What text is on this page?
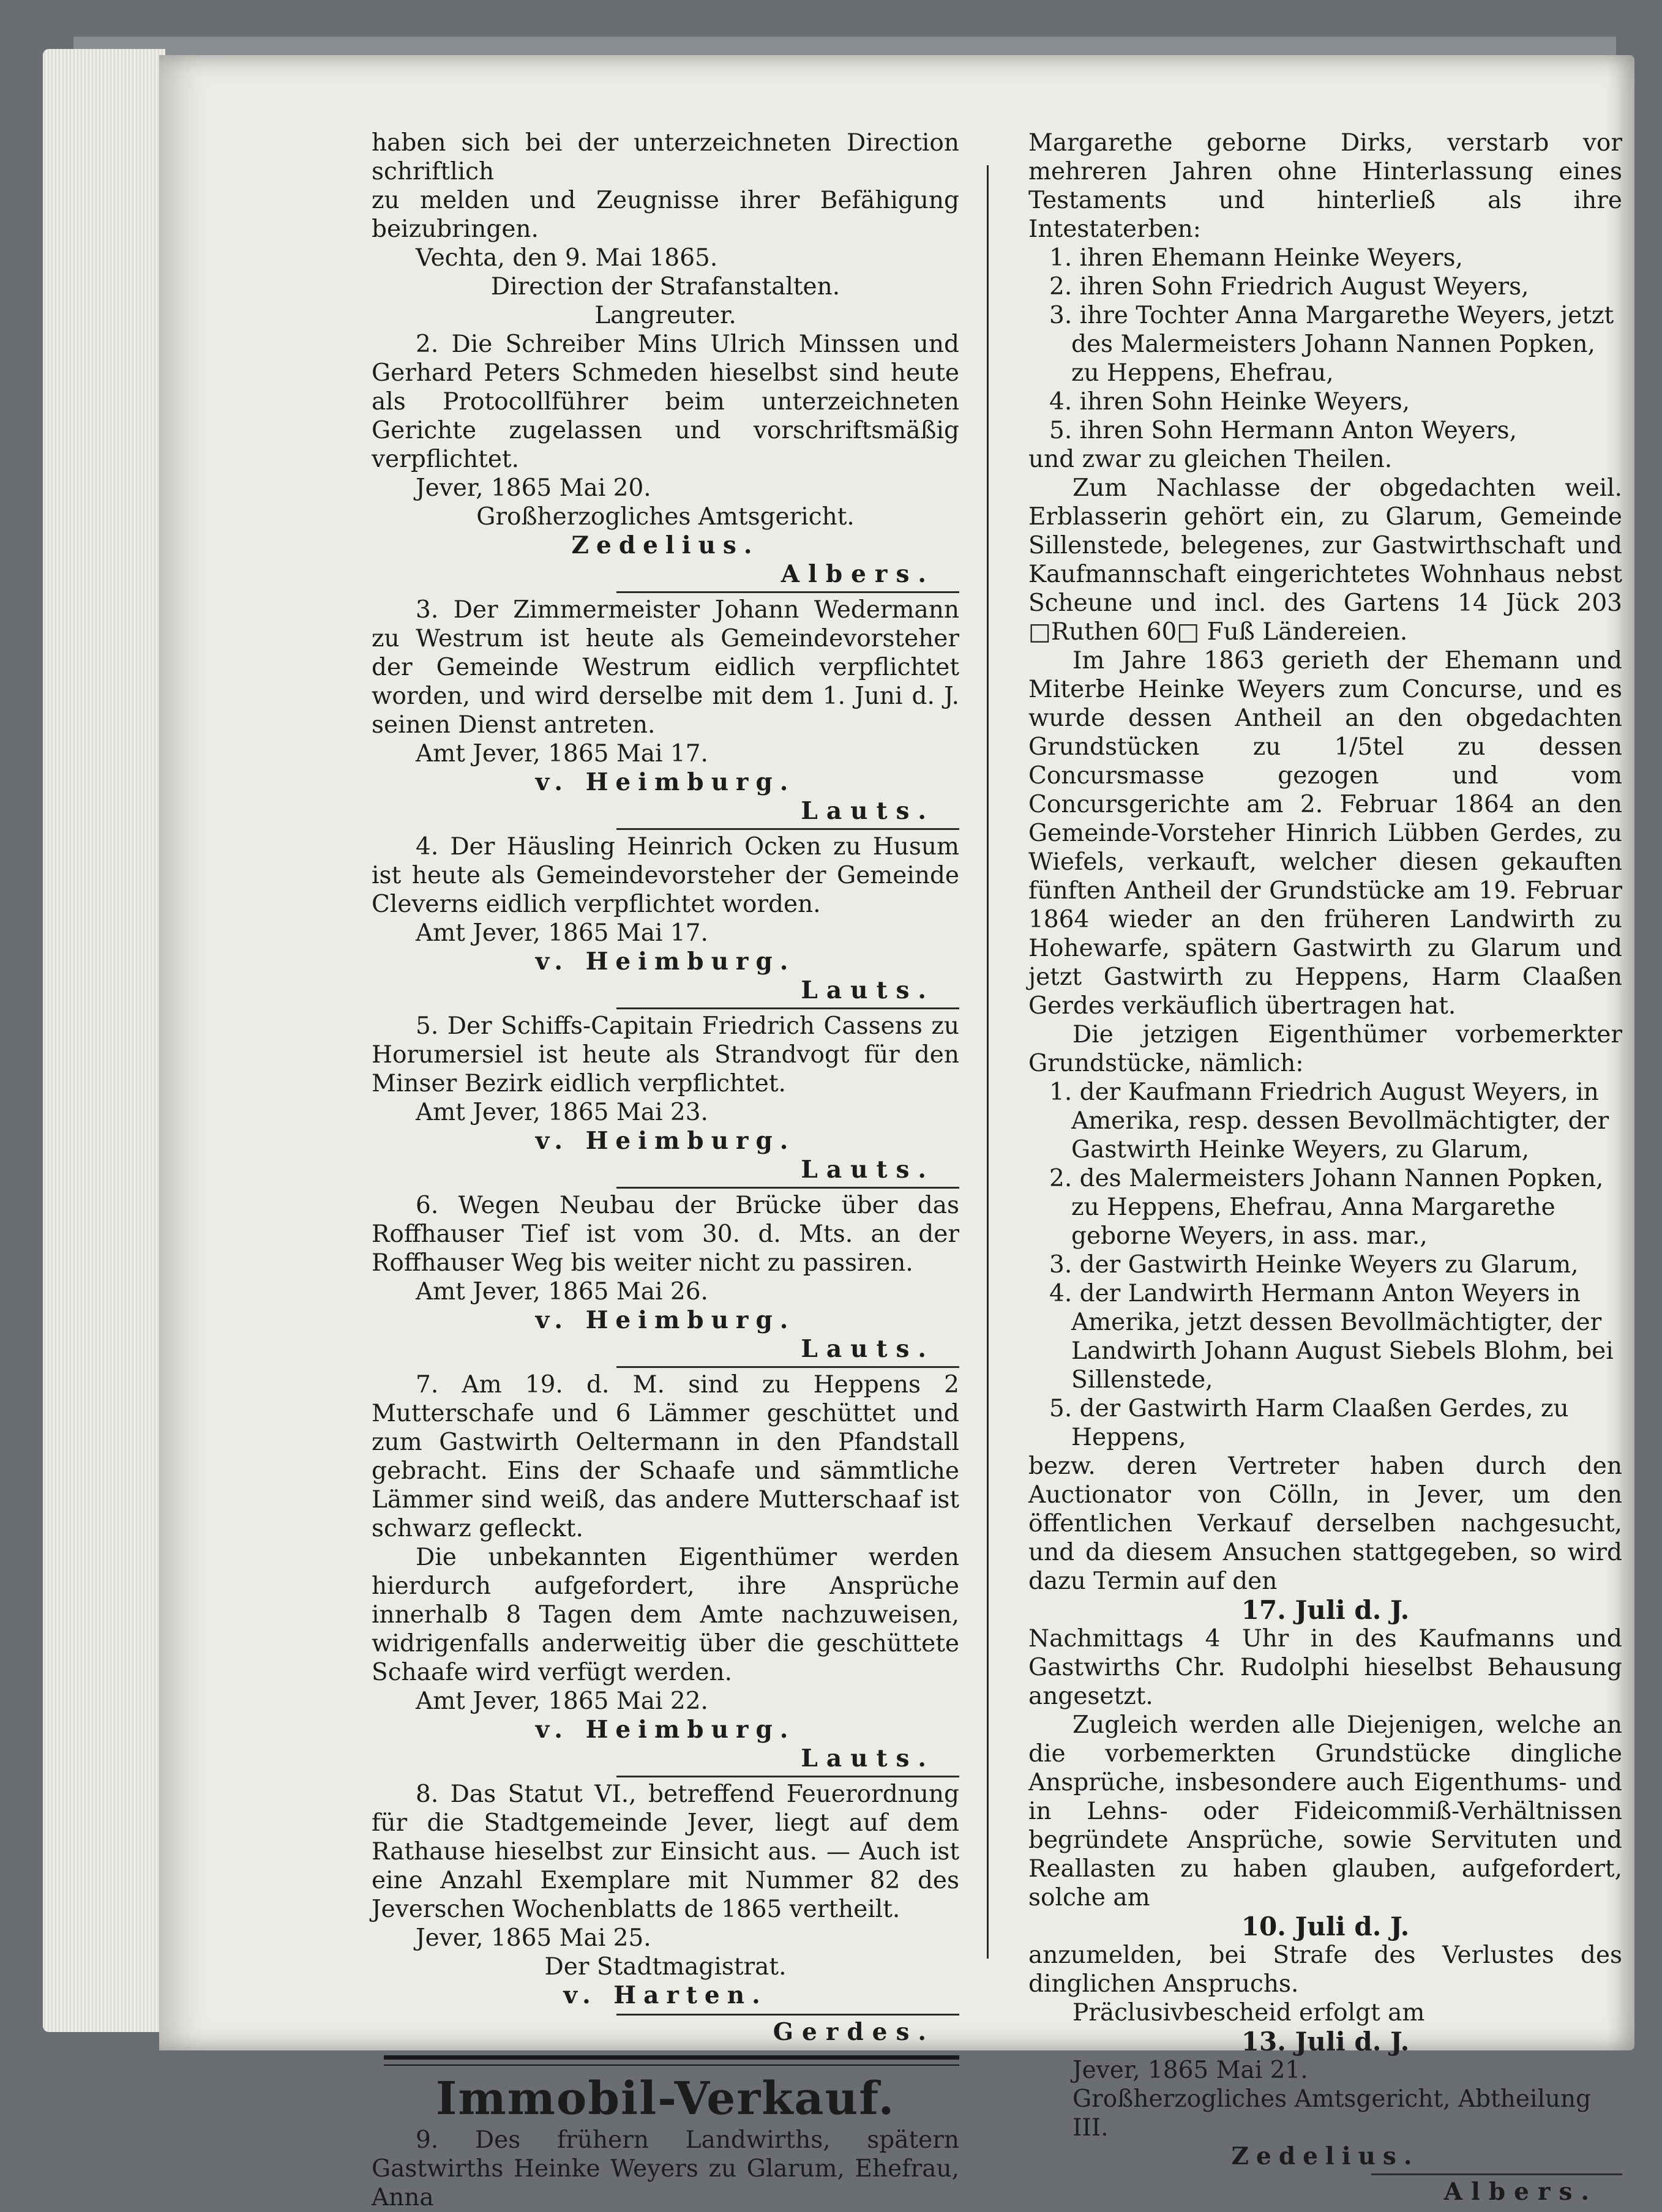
haben sich bei der unterzeichneten Direction schriftlich

zu melden und Zeugnisse ihrer Befähigung beizubringen.

Vechta, den 9. Mai 1865.

Direction der Strafanstalten.

Langreuter.

2. Die Schreiber Mins Ulrich Minssen und Gerhard Peters Schmeden hieselbst sind heute als Protocollführer beim unterzeichneten Gerichte zugelassen und vorschriftsmäßig verpflichtet.

Jever, 1865 Mai 20.

Großherzogliches Amtsgericht.

Zedelius.

Albers.

3. Der Zimmermeister Johann Wedermann zu Westrum ist heute als Gemeindevorsteher der Gemeinde Westrum eidlich verpflichtet worden, und wird derselbe mit dem 1. Juni d. J. seinen Dienst antreten.

Amt Jever, 1865 Mai 17.

v. Heimburg.

Lauts.

4. Der Häusling Heinrich Ocken zu Husum ist heute als Gemeindevorsteher der Gemeinde Cleverns eidlich verpflichtet worden.

Amt Jever, 1865 Mai 17.

v. Heimburg.

Lauts.

5. Der Schiffs-Capitain Friedrich Cassens zu Horumersiel ist heute als Strandvogt für den Minser Bezirk eidlich verpflichtet.

Amt Jever, 1865 Mai 23.

v. Heimburg.

Lauts.

6. Wegen Neubau der Brücke über das Roffhauser Tief ist vom 30. d. Mts. an der Roffhauser Weg bis weiter nicht zu passiren.

Amt Jever, 1865 Mai 26.

v. Heimburg.

Lauts.

7. Am 19. d. M. sind zu Heppens 2 Mutterschafe und 6 Lämmer geschüttet und zum Gastwirth Oeltermann in den Pfandstall gebracht. Eins der Schaafe und sämmtliche Lämmer sind weiß, das andere Mutterschaaf ist schwarz gefleckt.

Die unbekannten Eigenthümer werden hierdurch aufgefordert, ihre Ansprüche innerhalb 8 Tagen dem Amte nachzuweisen, widrigenfalls anderweitig über die geschüttete Schaafe wird verfügt werden.

Amt Jever, 1865 Mai 22.

v. Heimburg.

Lauts.

8. Das Statut VI., betreffend Feuerordnung für die Stadtgemeinde Jever, liegt auf dem Rathause hieselbst zur Einsicht aus. — Auch ist eine Anzahl Exemplare mit Nummer 82 des Jeverschen Wochenblatts de 1865 vertheilt.

Jever, 1865 Mai 25.

Der Stadtmagistrat.

v. Harten.

Gerdes.

Immobil-Verkauf.

9. Des frühern Landwirths, spätern Gastwirths Heinke Weyers zu Glarum, Ehefrau, Anna

Margarethe geborne Dirks, verstarb vor mehreren Jahren ohne Hinterlassung eines Testaments und hinterließ als ihre Intestaterben:

1. ihren Ehemann Heinke Weyers,

2. ihren Sohn Friedrich August Weyers,

3. ihre Tochter Anna Margarethe Weyers, jetzt des Malermeisters Johann Nannen Popken, zu Heppens, Ehefrau,

4. ihren Sohn Heinke Weyers,

5. ihren Sohn Hermann Anton Weyers,

und zwar zu gleichen Theilen.

Zum Nachlasse der obgedachten weil. Erblasserin gehört ein, zu Glarum, Gemeinde Sillenstede, belegenes, zur Gastwirthschaft und Kaufmannschaft eingerichtetes Wohnhaus nebst Scheune und incl. des Gartens 14 Jück 203 □Ruthen 60□ Fuß Ländereien.

Im Jahre 1863 gerieth der Ehemann und Miterbe Heinke Weyers zum Concurse, und es wurde dessen Antheil an den obgedachten Grundstücken zu 1/5tel zu dessen Concursmasse gezogen und vom Concursgerichte am 2. Februar 1864 an den Gemeinde-Vorsteher Hinrich Lübben Gerdes, zu Wiefels, verkauft, welcher diesen gekauften fünften Antheil der Grundstücke am 19. Februar 1864 wieder an den früheren Landwirth zu Hohewarfe, spätern Gastwirth zu Glarum und jetzt Gastwirth zu Heppens, Harm Claaßen Gerdes verkäuflich übertragen hat.

Die jetzigen Eigenthümer vorbemerkter Grundstücke, nämlich:

1. der Kaufmann Friedrich August Weyers, in Amerika, resp. dessen Bevollmächtigter, der Gastwirth Heinke Weyers, zu Glarum,

2. des Malermeisters Johann Nannen Popken, zu Heppens, Ehefrau, Anna Margarethe geborne Weyers, in ass. mar.,

3. der Gastwirth Heinke Weyers zu Glarum,

4. der Landwirth Hermann Anton Weyers in Amerika, jetzt dessen Bevollmächtigter, der Landwirth Johann August Siebels Blohm, bei Sillenstede,

5. der Gastwirth Harm Claaßen Gerdes, zu Heppens,

bezw. deren Vertreter haben durch den Auctionator von Cölln, in Jever, um den öffentlichen Verkauf derselben nachgesucht, und da diesem Ansuchen stattgegeben, so wird dazu Termin auf den

17. Juli d. J.

Nachmittags 4 Uhr in des Kaufmanns und Gastwirths Chr. Rudolphi hieselbst Behausung angesetzt.

Zugleich werden alle Diejenigen, welche an die vorbemerkten Grundstücke dingliche Ansprüche, insbesondere auch Eigenthums- und in Lehns- oder Fideicommiß-Verhältnissen begründete Ansprüche, sowie Servituten und Reallasten zu haben glauben, aufgefordert, solche am

10. Juli d. J.

anzumelden, bei Strafe des Verlustes des dinglichen Anspruchs.

Präclusivbescheid erfolgt am

13. Juli d. J.

Jever, 1865 Mai 21.

Großherzogliches Amtsgericht, Abtheilung III.

Zedelius.

Albers.
